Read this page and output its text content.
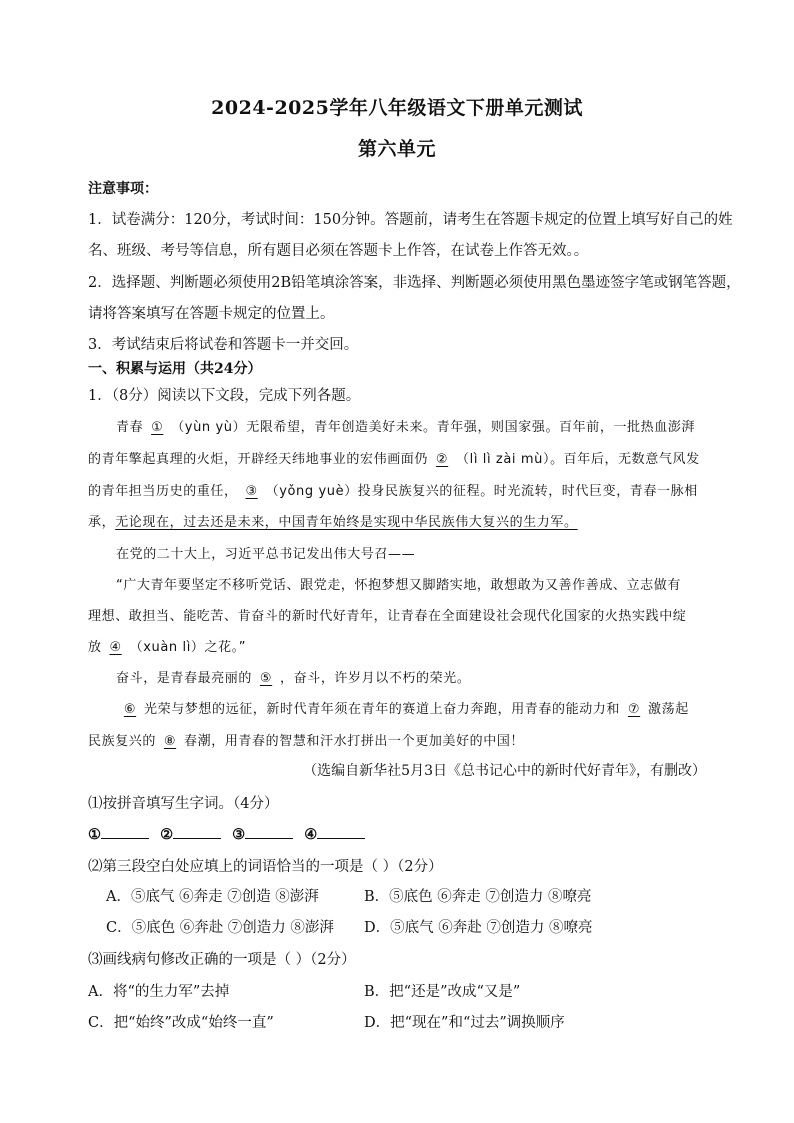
2024-2025学年八年级语文下册单元测试
第六单元
注意事项：
1．试卷满分：120分，考试时间：150分钟。答题前，请考生在答题卡规定的位置上填写好自己的姓
名、班级、考号等信息，所有题目必须在答题卡上作答，在试卷上作答无效。。
2．选择题、判断题必须使用2B铅笔填涂答案，非选择、判断题必须使用黑色墨迹签字笔或钢笔答题，
请将答案填写在答题卡规定的位置上。
3．考试结束后将试卷和答题卡一并交回。
一、积累与运用（共24分）
1．（8分）阅读以下文段，完成下列各题。
青春 ① （yùn yù）无限希望，青年创造美好未来。青年强，则国家强。百年前，一批热血澎湃
的青年擎起真理的火炬，开辟经天纬地事业的宏伟画面仍 ② （lì lì zài mù）。百年后，无数意气风发
的青年担当历史的重任， ③ （yǒng yuè）投身民族复兴的征程。时光流转，时代巨变，青春一脉相
承，无论现在，过去还是未来，中国青年始终是实现中华民族伟大复兴的生力军。
在党的二十大上，习近平总书记发出伟大号召——
“广大青年要坚定不移听党话、跟党走，怀抱梦想又脚踏实地，敢想敢为又善作善成、立志做有
理想、敢担当、能吃苦、肯奋斗的新时代好青年，让青春在全面建设社会现代化国家的火热实践中绽
放 ④ （xuàn lì）之花。”
奋斗，是青春最亮丽的 ⑤ ，奋斗，许岁月以不朽的荣光。
⑥ 光荣与梦想的远征，新时代青年须在青年的赛道上奋力奔跑，用青春的能动力和 ⑦ 激荡起
民族复兴的 ⑧ 春潮，用青春的智慧和汗水打拼出一个更加美好的中国！
（选编自新华社5月3日《总书记心中的新时代好青年》，有删改）
⑴按拼音填写生字词。（4分）
①	②	③	④
⑵第三段空白处应填上的词语恰当的一项是（ ）（2分）
A．⑤底气 ⑥奔走 ⑦创造 ⑧澎湃	B．⑤底色 ⑥奔走 ⑦创造力 ⑧嘹亮
C．⑤底色 ⑥奔赴 ⑦创造力 ⑧澎湃 D．⑤底气 ⑥奔赴 ⑦创造力 ⑧嘹亮
⑶画线病句修改正确的一项是（ ）（2分）
A．将“的生力军”去掉	B．把“还是”改成“又是”
C．把“始终”改成“始终一直”	D．把“现在”和“过去”调换顺序
